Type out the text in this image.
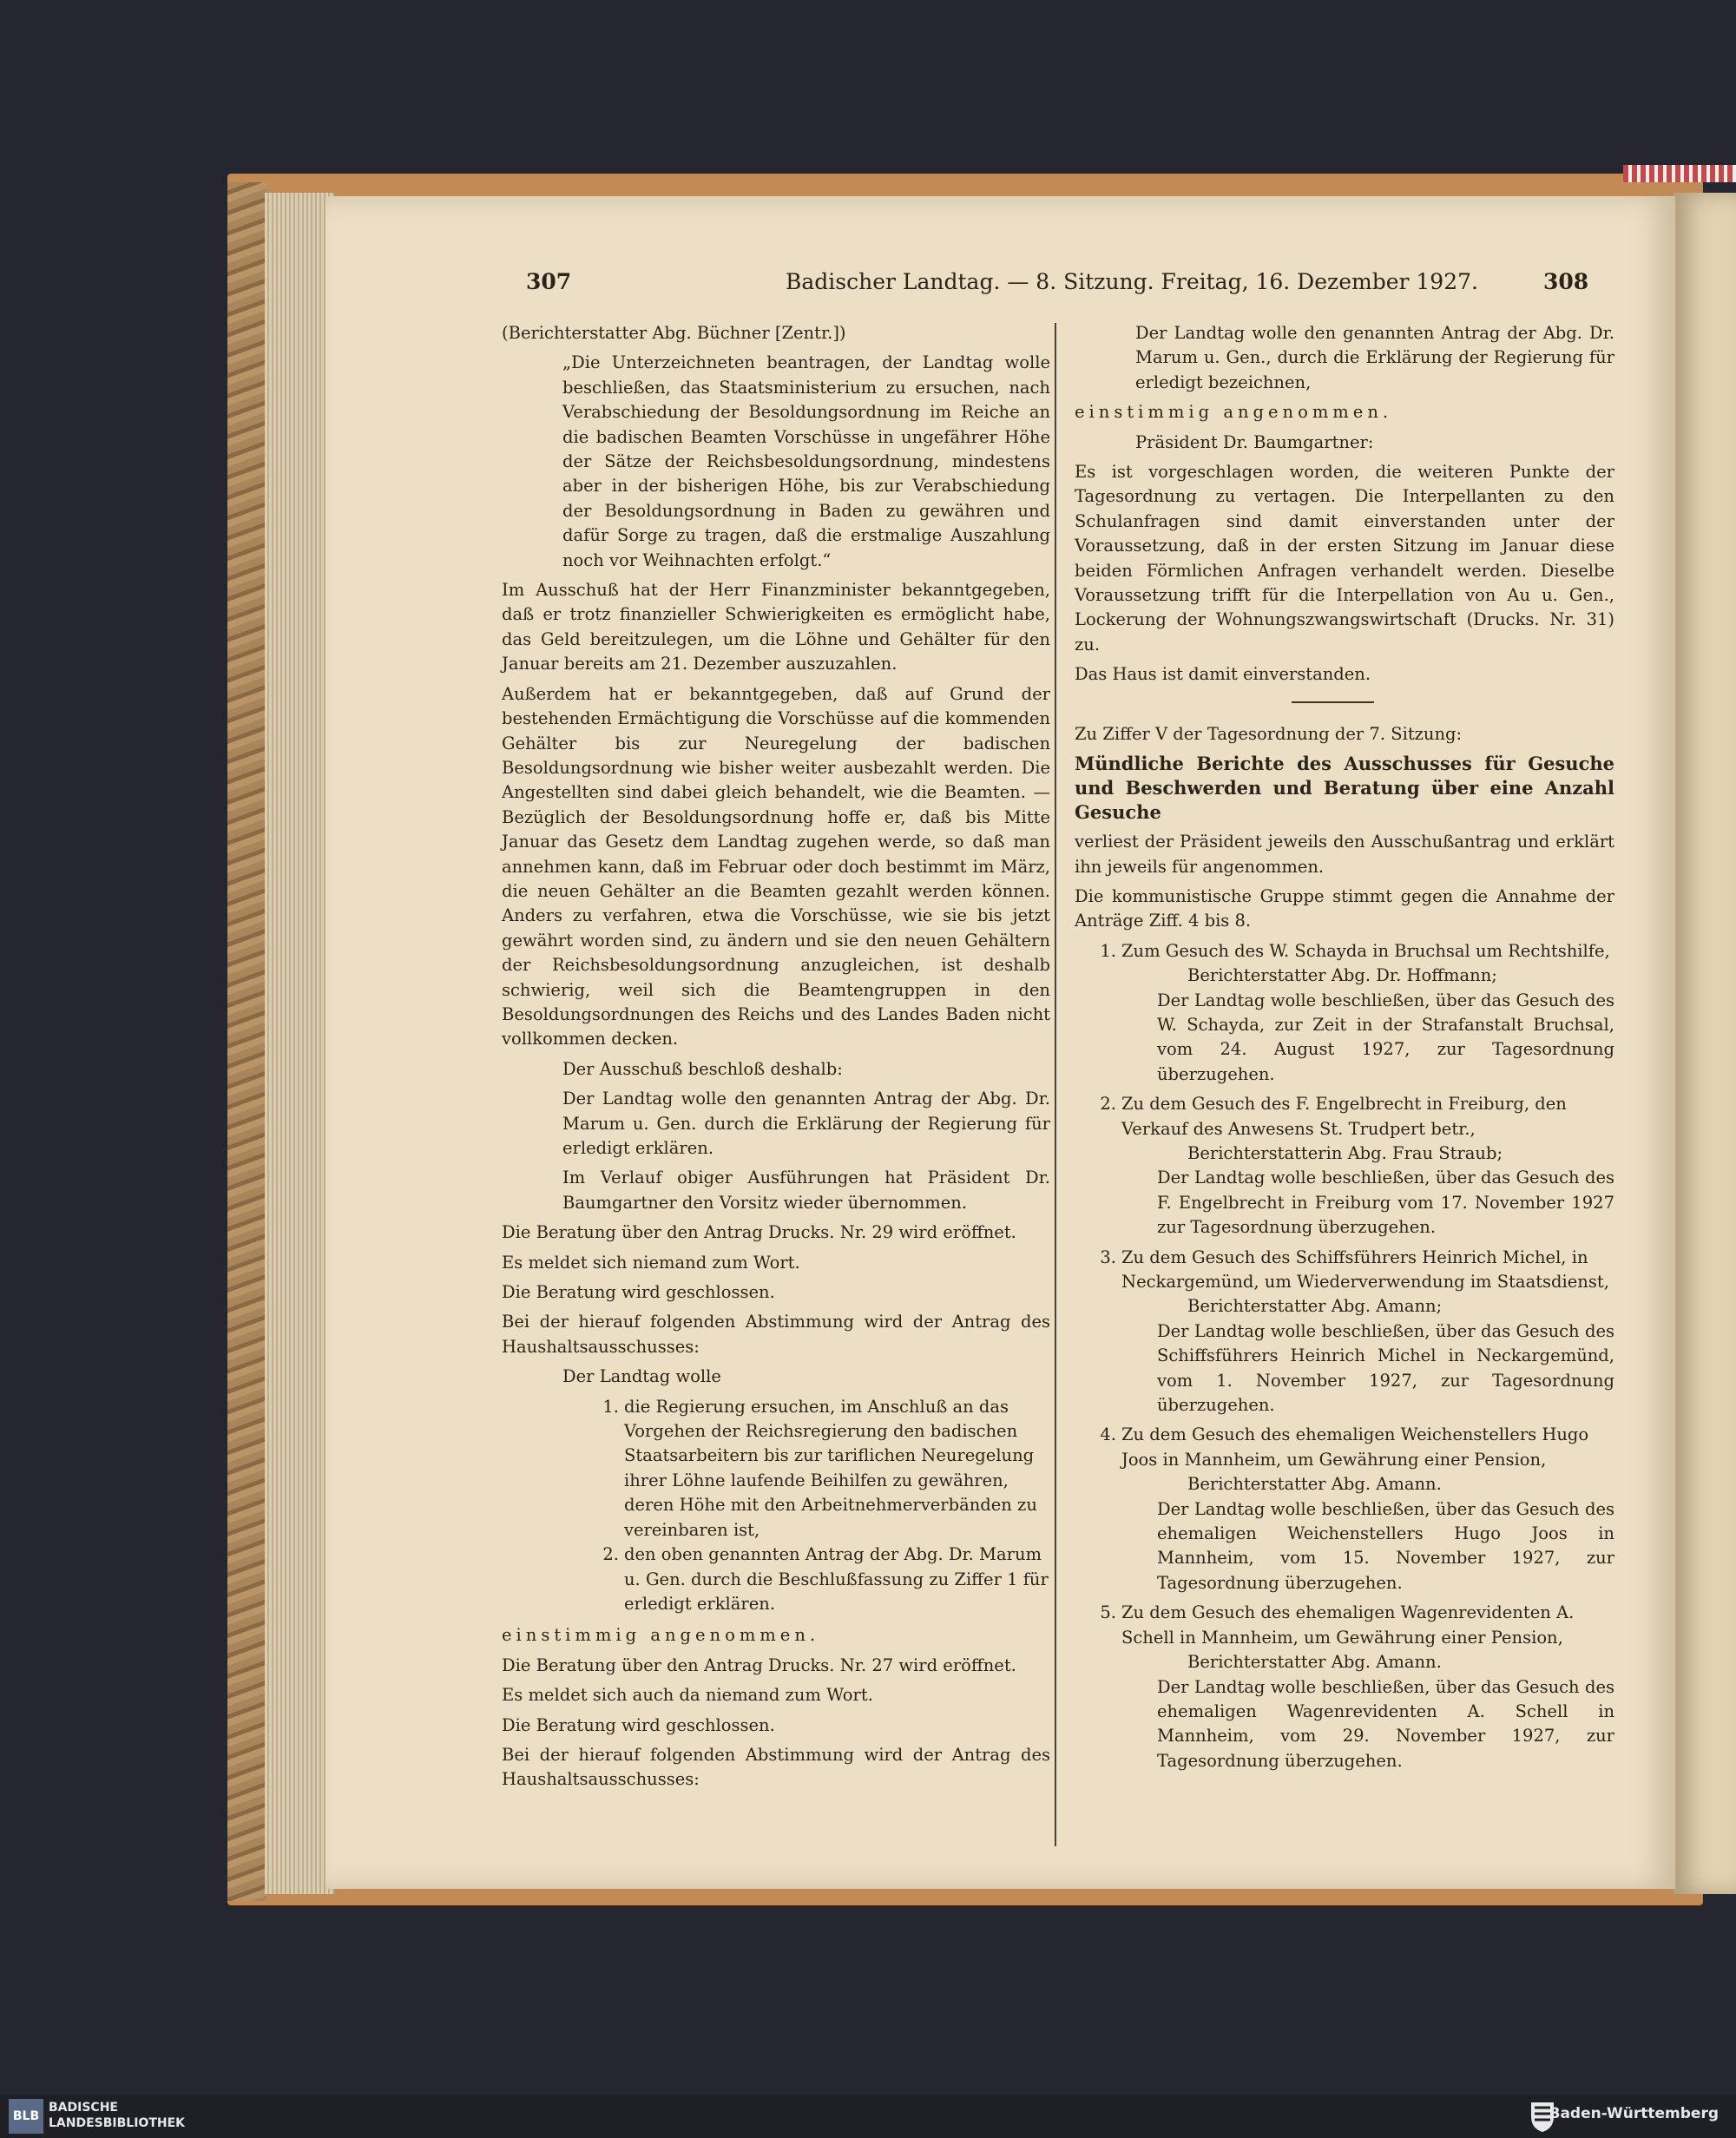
307	Badischer Landtag. — 8. Sitzung. Freitag, 16. Dezember 1927.	308

(Berichterstatter Abg. Büchner [Zentr.])

„Die Unterzeichneten beantragen, der Landtag wolle beschließen, das Staatsministerium zu ersuchen, nach Verabschiedung der Besoldungsordnung im Reiche an die badischen Beamten Vorschüsse in ungefährer Höhe der Sätze der Reichsbesoldungsordnung, mindestens aber in der bisherigen Höhe, bis zur Verabschiedung der Besoldungsordnung in Baden zu gewähren und dafür Sorge zu tragen, daß die erstmalige Auszahlung noch vor Weihnachten erfolgt.“

Im Ausschuß hat der Herr Finanzminister bekanntgegeben, daß er trotz finanzieller Schwierigkeiten es ermöglicht habe, das Geld bereitzulegen, um die Löhne und Gehälter für den Januar bereits am 21. Dezember auszuzahlen.

Außerdem hat er bekanntgegeben, daß auf Grund der bestehenden Ermächtigung die Vorschüsse auf die kommenden Gehälter bis zur Neuregelung der badischen Besoldungsordnung wie bisher weiter ausbezahlt werden. Die Angestellten sind dabei gleich behandelt, wie die Beamten. — Bezüglich der Besoldungsordnung hoffe er, daß bis Mitte Januar das Gesetz dem Landtag zugehen werde, so daß man annehmen kann, daß im Februar oder doch bestimmt im März, die neuen Gehälter an die Beamten gezahlt werden können. Anders zu verfahren, etwa die Vorschüsse, wie sie bis jetzt gewährt worden sind, zu ändern und sie den neuen Gehältern der Reichsbesoldungsordnung anzugleichen, ist deshalb schwierig, weil sich die Beamtengruppen in den Besoldungsordnungen des Reichs und des Landes Baden nicht vollkommen decken.

Der Ausschuß beschloß deshalb:

Der Landtag wolle den genannten Antrag der Abg. Dr. Marum u. Gen. durch die Erklärung der Regierung für erledigt erklären.

Im Verlauf obiger Ausführungen hat Präsident Dr. Baumgartner den Vorsitz wieder übernommen.

Die Beratung über den Antrag Drucks. Nr. 29 wird eröffnet.

Es meldet sich niemand zum Wort.

Die Beratung wird geschlossen.

Bei der hierauf folgenden Abstimmung wird der Antrag des Haushaltsausschusses:

Der Landtag wolle

1. die Regierung ersuchen, im Anschluß an das Vorgehen der Reichsregierung den badischen Staatsarbeitern bis zur tariflichen Neuregelung ihrer Löhne laufende Beihilfen zu gewähren, deren Höhe mit den Arbeitnehmerverbänden zu vereinbaren ist,
2. den oben genannten Antrag der Abg. Dr. Marum u. Gen. durch die Beschlußfassung zu Ziffer 1 für erledigt erklären.

einstimmig angenommen.

Die Beratung über den Antrag Drucks. Nr. 27 wird eröffnet.

Es meldet sich auch da niemand zum Wort.

Die Beratung wird geschlossen.

Bei der hierauf folgenden Abstimmung wird der Antrag des Haushaltsausschusses:

Der Landtag wolle den genannten Antrag der Abg. Dr. Marum u. Gen., durch die Erklärung der Regierung für erledigt bezeichnen,

einstimmig angenommen.

Präsident Dr. Baumgartner:

Es ist vorgeschlagen worden, die weiteren Punkte der Tagesordnung zu vertagen. Die Interpellanten zu den Schulanfragen sind damit einverstanden unter der Voraussetzung, daß in der ersten Sitzung im Januar diese beiden Förmlichen Anfragen verhandelt werden. Dieselbe Voraussetzung trifft für die Interpellation von Au u. Gen., Lockerung der Wohnungszwangswirtschaft (Drucks. Nr. 31) zu.

Das Haus ist damit einverstanden.

Zu Ziffer V der Tagesordnung der 7. Sitzung:

Mündliche Berichte des Ausschusses für Gesuche und Beschwerden und Beratung über eine Anzahl Gesuche

verliest der Präsident jeweils den Ausschußantrag und erklärt ihn jeweils für angenommen.

Die kommunistische Gruppe stimmt gegen die Annahme der Anträge Ziff. 4 bis 8.

1. Zum Gesuch des W. Schayda in Bruchsal um Rechtshilfe,

Berichterstatter Abg. Dr. Hoffmann;

Der Landtag wolle beschließen, über das Gesuch des W. Schayda, zur Zeit in der Strafanstalt Bruchsal, vom 24. August 1927, zur Tagesordnung überzugehen.

2. Zu dem Gesuch des F. Engelbrecht in Freiburg, den Verkauf des Anwesens St. Trudpert betr.,

Berichterstatterin Abg. Frau Straub;

Der Landtag wolle beschließen, über das Gesuch des F. Engelbrecht in Freiburg vom 17. November 1927 zur Tagesordnung überzugehen.

3. Zu dem Gesuch des Schiffsführers Heinrich Michel, in Neckargemünd, um Wiederverwendung im Staatsdienst,

Berichterstatter Abg. Amann;

Der Landtag wolle beschließen, über das Gesuch des Schiffsführers Heinrich Michel in Neckargemünd, vom 1. November 1927, zur Tagesordnung überzugehen.

4. Zu dem Gesuch des ehemaligen Weichenstellers Hugo Joos in Mannheim, um Gewährung einer Pension,

Berichterstatter Abg. Amann.

Der Landtag wolle beschließen, über das Gesuch des ehemaligen Weichenstellers Hugo Joos in Mannheim, vom 15. November 1927, zur Tagesordnung überzugehen.

5. Zu dem Gesuch des ehemaligen Wagenrevidenten A. Schell in Mannheim, um Gewährung einer Pension,

Berichterstatter Abg. Amann.

Der Landtag wolle beschließen, über das Gesuch des ehemaligen Wagenrevidenten A. Schell in Mannheim, vom 29. November 1927, zur Tagesordnung überzugehen.

BLB
BADISCHE
LANDESBIBLIOTHEK
Baden-Württemberg
